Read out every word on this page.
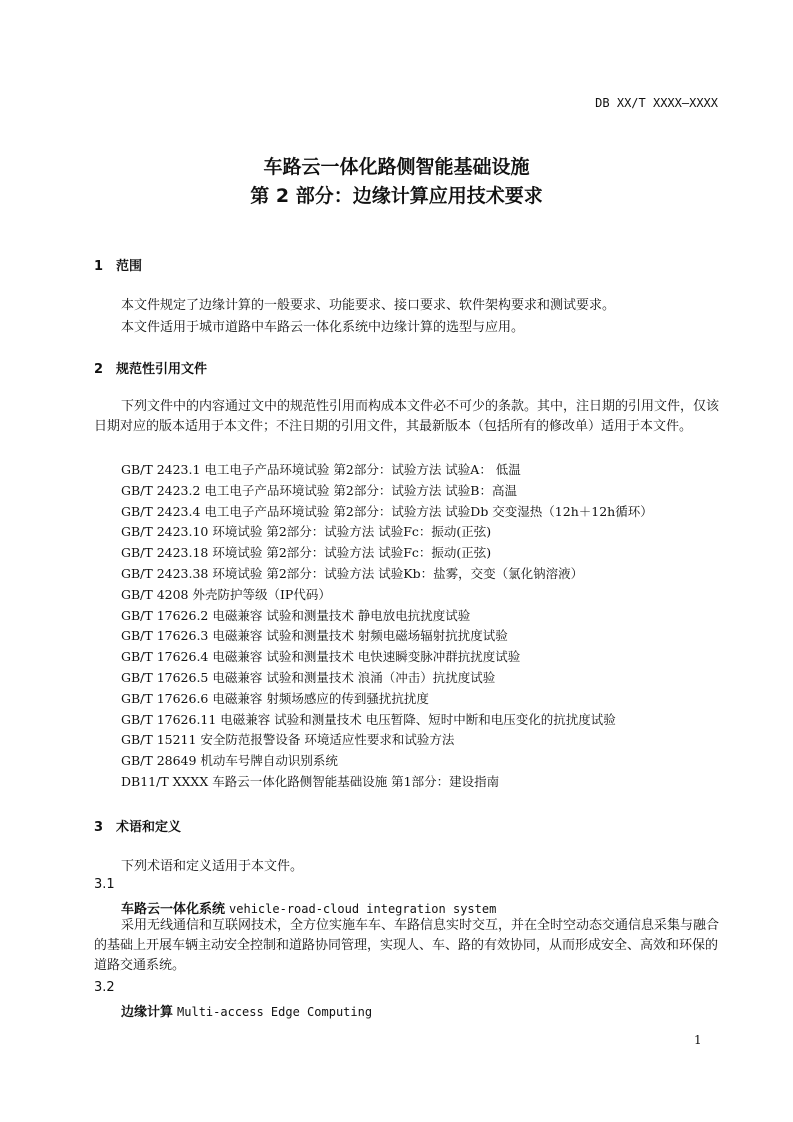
DB XX/T XXXX—XXXX
车路云一体化路侧智能基础设施
第 2 部分：边缘计算应用技术要求
1 范围
本文件规定了边缘计算的一般要求、功能要求、接口要求、软件架构要求和测试要求。
本文件适用于城市道路中车路云一体化系统中边缘计算的选型与应用。
2 规范性引用文件
下列文件中的内容通过文中的规范性引用而构成本文件必不可少的条款。其中，注日期的引用文件，仅该日期对应的版本适用于本文件；不注日期的引用文件，其最新版本（包括所有的修改单）适用于本文件。
GB/T 2423.1 电工电子产品环境试验 第2部分：试验方法 试验A： 低温
GB/T 2423.2 电工电子产品环境试验 第2部分：试验方法 试验B：高温
GB/T 2423.4 电工电子产品环境试验 第2部分：试验方法 试验Db 交变湿热（12h＋12h循环）
GB/T 2423.10 环境试验 第2部分：试验方法 试验Fc：振动(正弦)
GB/T 2423.18 环境试验 第2部分：试验方法 试验Fc：振动(正弦)
GB/T 2423.38 环境试验 第2部分：试验方法 试验Kb：盐雾，交变（氯化钠溶液）
GB/T 4208 外壳防护等级（IP代码）
GB/T 17626.2 电磁兼容 试验和测量技术 静电放电抗扰度试验
GB/T 17626.3 电磁兼容 试验和测量技术 射频电磁场辐射抗扰度试验
GB/T 17626.4 电磁兼容 试验和测量技术 电快速瞬变脉冲群抗扰度试验
GB/T 17626.5 电磁兼容 试验和测量技术 浪涌（冲击）抗扰度试验
GB/T 17626.6 电磁兼容 射频场感应的传到骚扰抗扰度
GB/T 17626.11 电磁兼容 试验和测量技术 电压暂降、短时中断和电压变化的抗扰度试验
GB/T 15211 安全防范报警设备 环境适应性要求和试验方法
GB/T 28649 机动车号牌自动识别系统
DB11/T XXXX 车路云一体化路侧智能基础设施 第1部分：建设指南
3 术语和定义
下列术语和定义适用于本文件。
3.1
车路云一体化系统 vehicle-road-cloud integration system
采用无线通信和互联网技术，全方位实施车车、车路信息实时交互，并在全时空动态交通信息采集与融合的基础上开展车辆主动安全控制和道路协同管理，实现人、车、路的有效协同，从而形成安全、高效和环保的道路交通系统。
3.2
边缘计算 Multi-access Edge Computing
1
